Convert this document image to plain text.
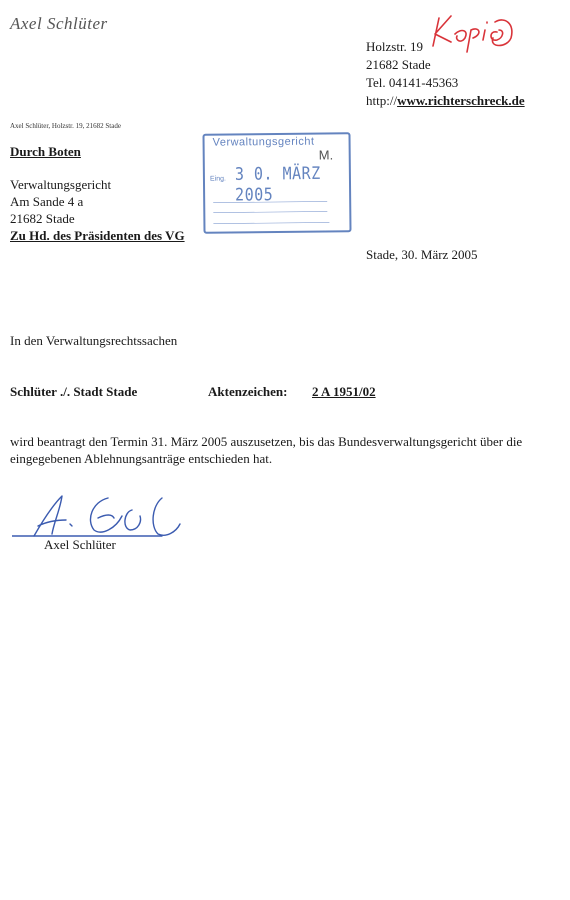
Axel Schlüter
Holzstr. 19
21682 Stade
Tel. 04141-45363
http://www.richterschreck.de
Axel Schlüter, Holzstr. 19, 21682 Stade
Durch Boten
Verwaltungsgericht
Am Sande 4 a
21682 Stade
Zu Hd. des Präsidenten des VG
Verwaltungsgericht
M.
Eing. 3 0. MÄRZ 2005
Stade, 30. März 2005
In den Verwaltungsrechtssachen
Schlüter ./. Stadt Stade	Aktenzeichen: 2 A 1951/02
wird beantragt den Termin 31. März 2005 auszusetzen, bis das Bundesverwaltungsgericht über die eingegebenen Ablehnungsanträge entschieden hat.
Axel Schlüter
